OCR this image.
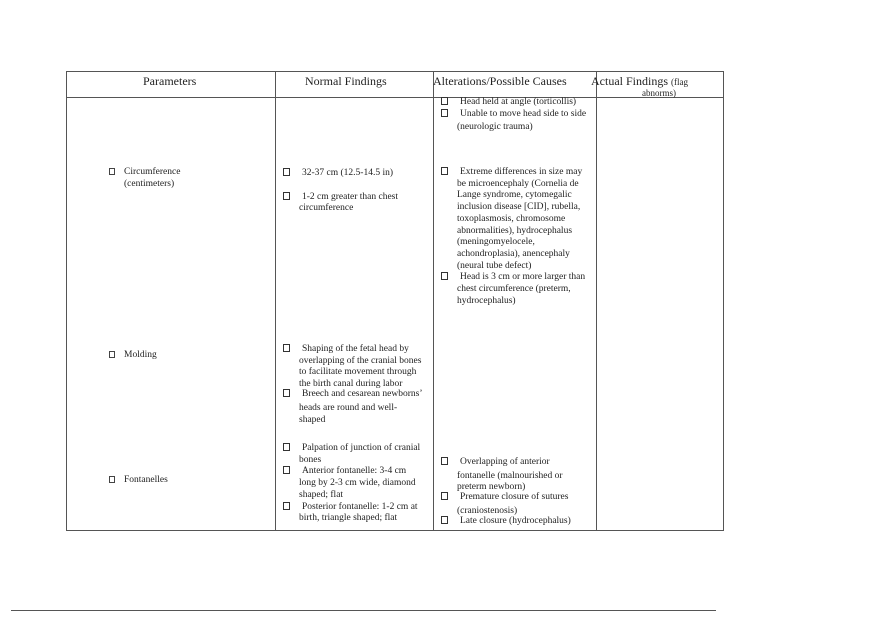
Parameters	Normal Findings	Alterations/Possible Causes Actual Findings (flag
abnorms)
Head held at angle (torticollis)
Unable to move head side to side
(neurologic trauma)
Circumference
(centimeters)
32-37 cm (12.5-14.5 in)
1-2 cm greater than chest
circumference
Extreme differences in size may
be microencephaly (Cornelia de
Lange syndrome, cytomegalic
inclusion disease [CID], rubella,
toxoplasmosis, chromosome
abnormalities), hydrocephalus
(meningomyelocele,
achondroplasia), anencephaly
(neural tube defect)
Head is 3 cm or more larger than
chest circumference (preterm,
hydrocephalus)
Molding
Shaping of the fetal head by
overlapping of the cranial bones
to facilitate movement through
the birth canal during labor
Breech and cesarean newborns’
heads are round and well-
shaped
Fontanelles
Palpation of junction of cranial
bones
Anterior fontanelle: 3-4 cm
long by 2-3 cm wide, diamond
shaped; flat
Posterior fontanelle: 1-2 cm at
birth, triangle shaped; flat
Overlapping of anterior
fontanelle (malnourished or
preterm newborn)
Premature closure of sutures
(craniostenosis)
Late closure (hydrocephalus)
